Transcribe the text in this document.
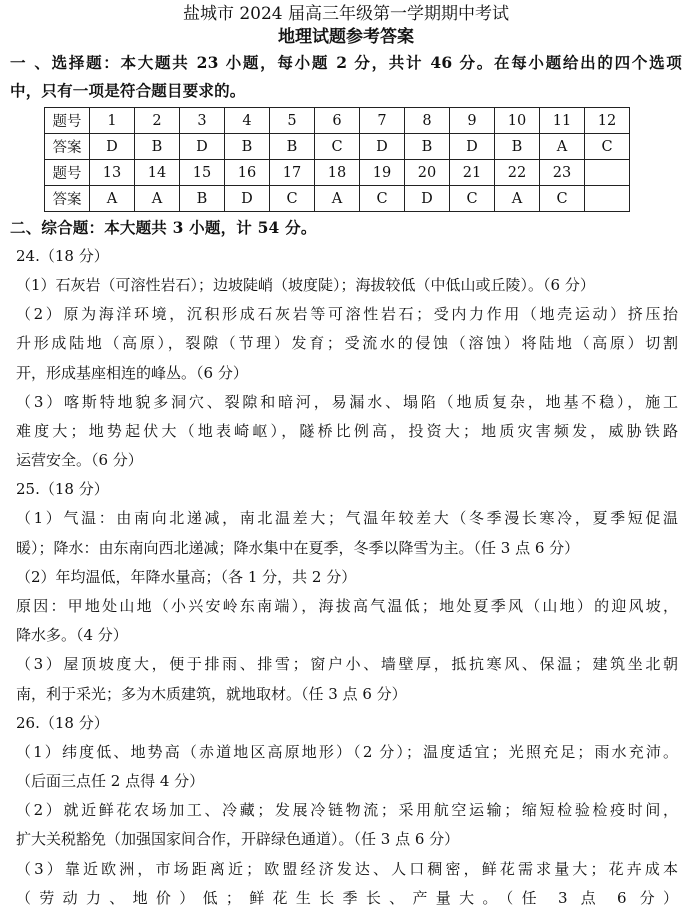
盐城市 2024 届高三年级第一学期期中考试
地理试题参考答案
一 、选择题：本大题共 23 小题，每小题 2 分，共计 46 分。在每小题给出的四个选项
中，只有一项是符合题目要求的。
题号	1	2	3	4	5	6	7	8	9	10	11	12
答案	D	B	D	B	B	C	D	B	D	B	A	C
题号	13	14	15	16	17	18	19	20	21	22	23	
答案	A	A	B	D	C	A	C	D	C	A	C	
二、综合题：本大题共 3 小题，计 54 分。
24.（18 分）

（1）石灰岩（可溶性岩石）；边坡陡峭（坡度陡）；海拔较低（中低山或丘陵）。（6 分）

（2）原为海洋环境，沉积形成石灰岩等可溶性岩石；受内力作用（地壳运动）挤压抬

升形成陆地（高原），裂隙（节理）发育；受流水的侵蚀（溶蚀）将陆地（高原）切割

开，形成基座相连的峰丛。（6 分）

（3）喀斯特地貌多洞穴、裂隙和暗河，易漏水、塌陷（地质复杂，地基不稳），施工

难度大；地势起伏大（地表崎岖），隧桥比例高，投资大；地质灾害频发，威胁铁路

运营安全。（6 分）

25.（18 分）

（1）气温：由南向北递减，南北温差大；气温年较差大（冬季漫长寒冷，夏季短促温

暖）；降水：由东南向西北递减；降水集中在夏季，冬季以降雪为主。（任 3 点 6 分）

（2）年均温低，年降水量高；（各 1 分，共 2 分）

原因：甲地处山地（小兴安岭东南端），海拔高气温低；地处夏季风（山地）的迎风坡，

降水多。（4 分）

（3）屋顶坡度大，便于排雨、排雪；窗户小、墙壁厚，抵抗寒风、保温；建筑坐北朝

南，利于采光；多为木质建筑，就地取材。（任 3 点 6 分）

26.（18 分）

（1）纬度低、地势高（赤道地区高原地形）（2 分）；温度适宜；光照充足；雨水充沛。

（后面三点任 2 点得 4 分）

（2）就近鲜花农场加工、冷藏；发展冷链物流；采用航空运输；缩短检验检疫时间，

扩大关税豁免（加强国家间合作，开辟绿色通道）。（任 3 点 6 分）

（3）靠近欧洲，市场距离近；欧盟经济发达、人口稠密，鲜花需求量大；花卉成本

（劳动力、地价）低；鲜花生长季长、产量大。（任 3 点 6 分）
